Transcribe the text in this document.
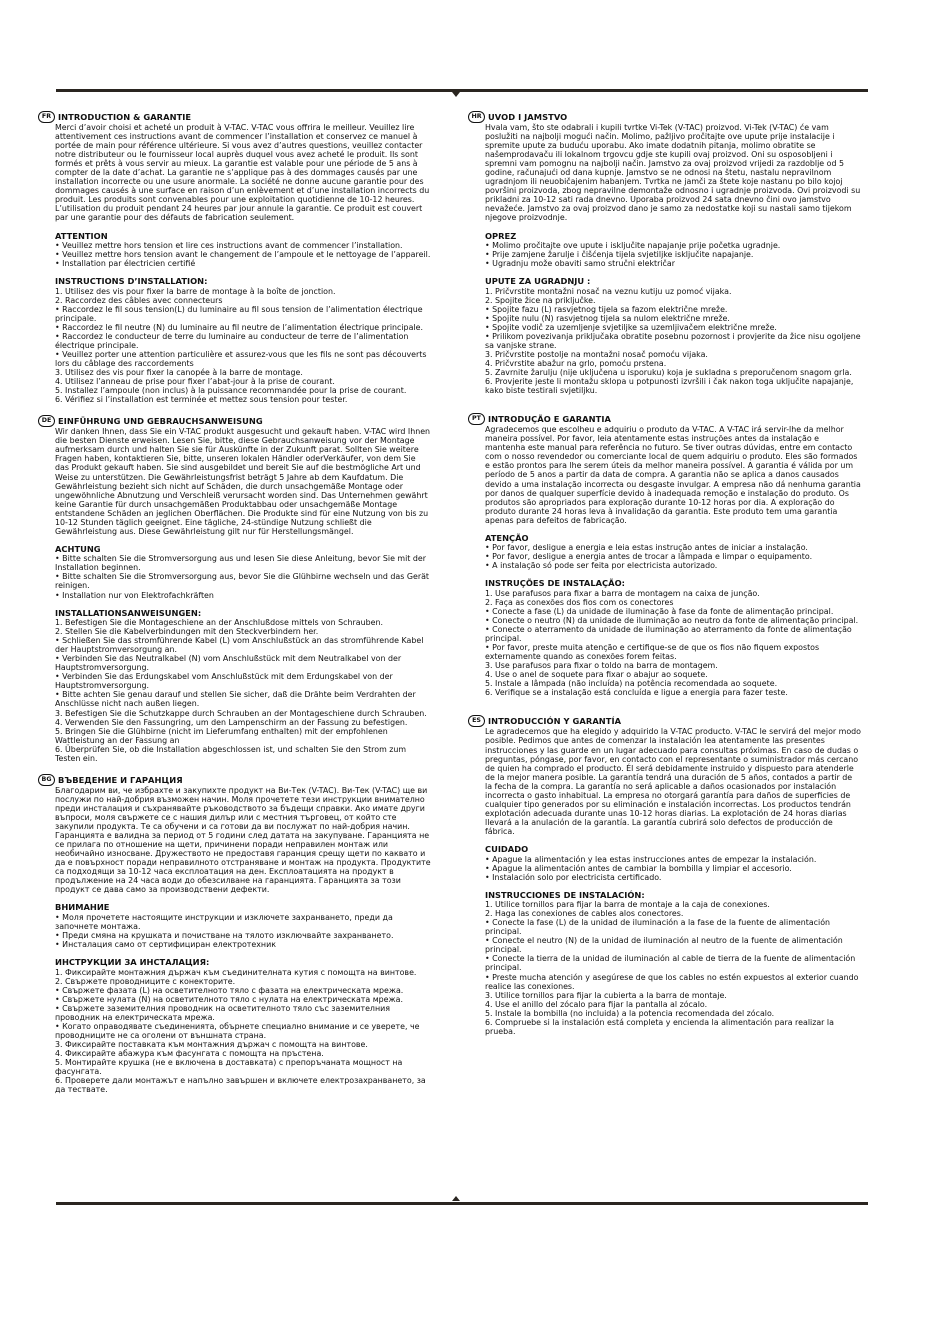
FR INTRODUCTION & GARANTIE

Merci d’avoir choisi et acheté un produit à V-TAC. V-TAC vous offrira le meilleur. Veuillez lire attentivement ces instructions avant de commencer l’installation et conservez ce manuel à portée de main pour référence ultérieure. Si vous avez d’autres questions, veuillez contacter notre distributeur ou le fournisseur local auprès duquel vous avez acheté le produit. Ils sont formés et prêts à vous servir au mieux. La garantie est valable pour une période de 5 ans à compter de la date d’achat. La garantie ne s’applique pas à des dommages causés par une installation incorrecte ou une usure anormale. La société ne donne aucune garantie pour des dommages causés à une surface en raison d’un enlèvement et d’une installation incorrects du produit. Les produits sont convenables pour une exploitation quotidienne de 10-12 heures. L’utilisation du produit pendant 24 heures par jour annule la garantie. Ce produit est couvert par une garantie pour des défauts de fabrication seulement.

ATTENTION

• Veuillez mettre hors tension et lire ces instructions avant de commencer l’installation.

• Veuillez mettre hors tension avant le changement de l’ampoule et le nettoyage de l’appareil.

• Installation par électricien certifié

INSTRUCTIONS D’INSTALLATION:

1. Utilisez des vis pour fixer la barre de montage à la boîte de jonction.

2. Raccordez des câbles avec connecteurs

• Raccordez le fil sous tension(L) du luminaire au fil sous tension de l’alimentation électrique principale.

• Raccordez le fil neutre (N) du luminaire au fil neutre de l’alimentation électrique principale.

• Raccordez le conducteur de terre du luminaire au conducteur de terre de l’alimentation électrique principale.

• Veuillez porter une attention particulière et assurez-vous que les fils ne sont pas découverts lors du câblage des raccordements

3. Utilisez des vis pour fixer la canopée à la barre de montage.

4. Utilisez l’anneau de prise pour fixer l’abat-jour à la prise de courant.

5. Installez l’ampoule (non inclus) à la puissance recommandée pour la prise de courant.

6. Vérifiez si l’installation est terminée et mettez sous tension pour tester.

DE EINFÜHRUNG UND GEBRAUCHSANWEISUNG

Wir danken Ihnen, dass Sie ein V-TAC produkt ausgesucht und gekauft haben. V-TAC wird Ihnen die besten Dienste erweisen. Lesen Sie, bitte, diese Gebrauchsanweisung vor der Montage aufmerksam durch und halten Sie sie für Auskünfte in der Zukunft parat. Sollten Sie weitere Fragen haben, kontaktieren Sie, bitte, unseren lokalen Händler oderVerkäufer, von dem Sie das Produkt gekauft haben. Sie sind ausgebildet und bereit Sie auf die bestmögliche Art und Weise zu unterstützen. Die Gewährleistungsfrist beträgt 5 Jahre ab dem Kaufdatum. Die Gewährleistung bezieht sich nicht auf Schäden, die durch unsachgemäße Montage oder ungewöhnliche Abnutzung und Verschleiß verursacht worden sind. Das Unternehmen gewährt keine Garantie für durch unsachgemäßen Produktabbau oder unsachgemäße Montage entstandene Schäden an jeglichen Oberflächen. Die Produkte sind für eine Nutzung von bis zu 10-12 Stunden täglich geeignet. Eine tägliche, 24-stündige Nutzung schließt die Gewährleistung aus. Diese Gewährleistung gilt nur für Herstellungsmängel.

ACHTUNG

• Bitte schalten Sie die Stromversorgung aus und lesen Sie diese Anleitung, bevor Sie mit der Installation beginnen.

• Bitte schalten Sie die Stromversorgung aus, bevor Sie die Glühbirne wechseln und das Gerät reinigen.

• Installation nur von Elektrofachkräften

INSTALLATIONSANWEISUNGEN:

1. Befestigen Sie die Montageschiene an der Anschlußdose mittels von Schrauben.

2. Stellen Sie die Kabelverbindungen mit den Steckverbindern her.

• Schließen Sie das stromführende Kabel (L) vom Anschlußstück an das stromführende Kabel der Hauptstromversorgung an.

• Verbinden Sie das Neutralkabel (N) vom Anschlußstück mit dem Neutralkabel von der Hauptstromversorgung.

• Verbinden Sie das Erdungskabel vom Anschlußstück mit dem Erdungskabel von der Hauptstromversorgung.

• Bitte achten Sie genau darauf und stellen Sie sicher, daß die Drähte beim Verdrahten der Anschlüsse nicht nach außen liegen.

3. Befestigen Sie die Schutzkappe durch Schrauben an der Montageschiene durch Schrauben.

4. Verwenden Sie den Fassungring, um den Lampenschirm an der Fassung zu befestigen.

5. Bringen Sie die Glühbirne (nicht im Lieferumfang enthalten) mit der empfohlenen Wattleistung an der Fassung an

6. Überprüfen Sie, ob die Installation abgeschlossen ist, und schalten Sie den Strom zum Testen ein.

BG ВЪВЕДЕНИЕ И ГАРАНЦИЯ

Благодарим ви, че избрахте и закупихте продукт на Ви-Тек (V-TAC). Ви-Тек (V-TAC) ще ви послужи по най-добрия възможен начин. Моля прочетете тези инструкции внимателно преди инсталация и съхранявайте ръководството за бъдещи справки. Ако имате други въпроси, моля свържете се с нашия дилър или с местния търговец, от който сте закупили продукта. Те са обучени и са готови да ви послужат по най-добрия начин. Гаранцията е валидна за период от 5 години след датата на закупуване. Гаранцията не се прилага по отношение на щети, причинени поради неправилен монтаж или необичайно износване. Дружеството не предоставя гаранция срещу щети по каквато и да е повърхност поради неправилното отстраняване и монтаж на продукта. Продуктите са подходящи за 10-12 часа експлоатация на ден. Експлоатацията на продукт в продължение на 24 часа води до обезсилване на гаранцията. Гаранцията за този продукт се дава само за производствени дефекти.

ВНИМАНИЕ

• Моля прочетете настоящите инструкции и изключете захранването, преди да започнете монтажа.

• Преди смяна на крушката и почистване на тялото изключвайте захранването.

• Инсталация само от сертифициран електротехник

ИНСТРУКЦИИ ЗА ИНСТАЛАЦИЯ:

1. Фиксирайте монтажния държач към съединителната кутия с помощта на винтове.

2. Свържете проводниците с конекторите.

• Свържете фазата (L) на осветителното тяло с фазата на електрическата мрежа.

• Свържете нулата (N) на осветителното тяло с нулата на електрическата мрежа.

• Свържете заземителния проводник на осветителното тяло със заземителния проводник на електрическата мрежа.

• Когато оправодявате съединенията, обърнете специално внимание и се уверете, че проводниците не са оголени от външната страна.

3. Фиксирайте поставката към монтажния държач с помощта на винтове.

4. Фиксирайте абажура към фасунгата с помощта на пръстена.

5. Монтирайте крушка (не е включена в доставката) с препоръчаната мощност на фасунгата.

6. Проверете дали монтажът е напълно завършен и включете електрозахранването, за да тествате.

HR UVOD I JAMSTVO

Hvala vam, što ste odabrali i kupili tvrtke Vi-Tek (V-TAC) proizvod. Vi-Tek (V-TAC) će vam poslužiti na najbolji mogući način. Molimo, pažljivo pročitajte ove upute prije instalacije i spremite upute za buduću uporabu. Ako imate dodatnih pitanja, molimo obratite se našemprodavaču ili lokalnom trgovcu gdje ste kupili ovaj proizvod. Oni su osposobljeni i spremni vam pomognu na najbolji način. Jamstvo za ovaj proizvod vrijedi za razdoblje od 5 godine, računajući od dana kupnje. Jamstvo se ne odnosi na štetu, nastalu nepravilnom ugradnjom ili neuobičajenim habanjem. Tvrtka ne jamči za štete koje nastanu po bilo kojoj površini proizvoda, zbog nepravilne demontaže odnosno i ugradnje proizvoda. Ovi proizvodi su prikladni za 10-12 sati rada dnevno. Uporaba proizvod 24 sata dnevno čini ovo jamstvo nevažeće. Jamstvo za ovaj proizvod dano je samo za nedostatke koji su nastali samo tijekom njegove proizvodnje.

OPREZ

• Molimo pročitajte ove upute i isključite napajanje prije početka ugradnje.

• Prije zamjene žarulje i čišćenja tijela svjetiljke isključite napajanje.

• Ugradnju može obaviti samo stručni električar

UPUTE ZA UGRADNJU :

1. Pričvrstite montažni nosač na veznu kutiju uz pomoć vijaka.

2. Spojite žice na priključke.

• Spojite fazu (L) rasvjetnog tijela sa fazom električne mreže.

• Spojite nulu (N) rasvjetnog tijela sa nulom električne mreže.

• Spojite vodič za uzemljenje svjetiljke sa uzemljivačem električne mreže.

• Prilikom povezivanja priključaka obratite posebnu pozornost i provjerite da žice nisu ogoljene sa vanjske strane.

3. Pričvrstite postolje na montažni nosač pomoću vijaka.

4. Pričvrstite abažur na grlo, pomoću prstena.

5. Zavrnite žarulju (nije uključena u isporuku) koja je sukladna s preporučenom snagom grla.

6. Provjerite jeste li montažu sklopa u potpunosti izvršili i čak nakon toga uključite napajanje, kako biste testirali svjetiljku.

PT INTRODUÇÃO E GARANTIA

Agradecemos que escolheu e adquiriu o produto da V-TAC. A V-TAC irá servir-lhe da melhor maneira possível. Por favor, leia atentamente estas instruções antes da instalação e mantenha este manual para referência no futuro. Se tiver outras dúvidas, entre em contacto com o nosso revendedor ou comerciante local de quem adquiriu o produto. Eles são formados e estão prontos para lhe serem úteis da melhor maneira possível. A garantia é válida por um período de 5 anos a partir da data de compra. A garantia não se aplica a danos causados devido a uma instalação incorrecta ou desgaste invulgar. A empresa não dá nenhuma garantia por danos de qualquer superfície devido à inadequada remoção e instalação do produto. Os produtos são apropriados para exploração durante 10-12 horas por dia. A exploração do produto durante 24 horas leva à invalidação da garantia. Este produto tem uma garantia apenas para defeitos de fabricação.

ATENÇÃO

• Por favor, desligue a energia e leia estas instrução antes de iniciar a instalação.

• Por favor, desligue a energia antes de trocar a lâmpada e limpar o equipamento.

• A instalação só pode ser feita por electricista autorizado.

INSTRUÇÕES DE INSTALAÇÃO:

1. Use parafusos para fixar a barra de montagem na caixa de junção.

2. Faça as conexões dos fios com os conectores

• Conecte a fase (L) da unidade de iluminação à fase da fonte de alimentação principal.

• Conecte o neutro (N) da unidade de iluminação ao neutro da fonte de alimentação principal.

• Conecte o aterramento da unidade de iluminação ao aterramento da fonte de alimentação principal.

• Por favor, preste muita atenção e certifique-se de que os fios não fiquem expostos externamente quando as conexões forem feitas.

3. Use parafusos para fixar o toldo na barra de montagem.

4. Use o anel de soquete para fixar o abajur ao soquete.

5. Instale a lâmpada (não incluída) na potência recomendada ao soquete.

6. Verifique se a instalação está concluída e ligue a energia para fazer teste.

ES INTRODUCCIÓN Y GARANTÍA

Le agradecemos que ha elegido y adquirido la V-TAC producto. V-TAC le servirá del mejor modo posible. Pedimos que antes de comenzar la instalación lea atentamente las presentes instrucciones y las guarde en un lugar adecuado para consultas próximas. En caso de dudas o preguntas, póngase, por favor, en contacto con el representante o suministrador más cercano de quien ha comprado el producto. Él será debidamente instruido y dispuesto para atenderle de la mejor manera posible. La garantía tendrá una duración de 5 años, contados a partir de la fecha de la compra. La garantía no será aplicable a daños ocasionados por instalación incorrecta o gasto inhabitual. La empresa no otorgará garantía para daños de superficies de cualquier tipo generados por su eliminación e instalación incorrectas. Los productos tendrán explotación adecuada durante unas 10-12 horas diarias. La explotación de 24 horas diarias llevará a la anulación de la garantía. La garantía cubrirá solo defectos de producción de fábrica.

CUIDADO

• Apague la alimentación y lea estas instrucciones antes de empezar la instalación.

• Apague la alimentación antes de cambiar la bombilla y limpiar el accesorio.

• Instalación solo por electricista certificado.

INSTRUCCIONES DE INSTALACIÓN:

1. Utilice tornillos para fijar la barra de montaje a la caja de conexiones.

2. Haga las conexiones de cables alos conectores.

• Conecte la fase (L) de la unidad de iluminación a la fase de la fuente de alimentación principal.

• Conecte el neutro (N) de la unidad de iluminación al neutro de la fuente de alimentación principal.

• Conecte la tierra de la unidad de iluminación al cable de tierra de la fuente de alimentación principal.

• Preste mucha atención y asegúrese de que los cables no estén expuestos al exterior cuando realice las conexiones.

3. Utilice tornillos para fijar la cubierta a la barra de montaje.

4. Use el anillo del zócalo para fijar la pantalla al zócalo.

5. Instale la bombilla (no incluida) a la potencia recomendada del zócalo.

6. Compruebe si la instalación está completa y encienda la alimentación para realizar la prueba.
